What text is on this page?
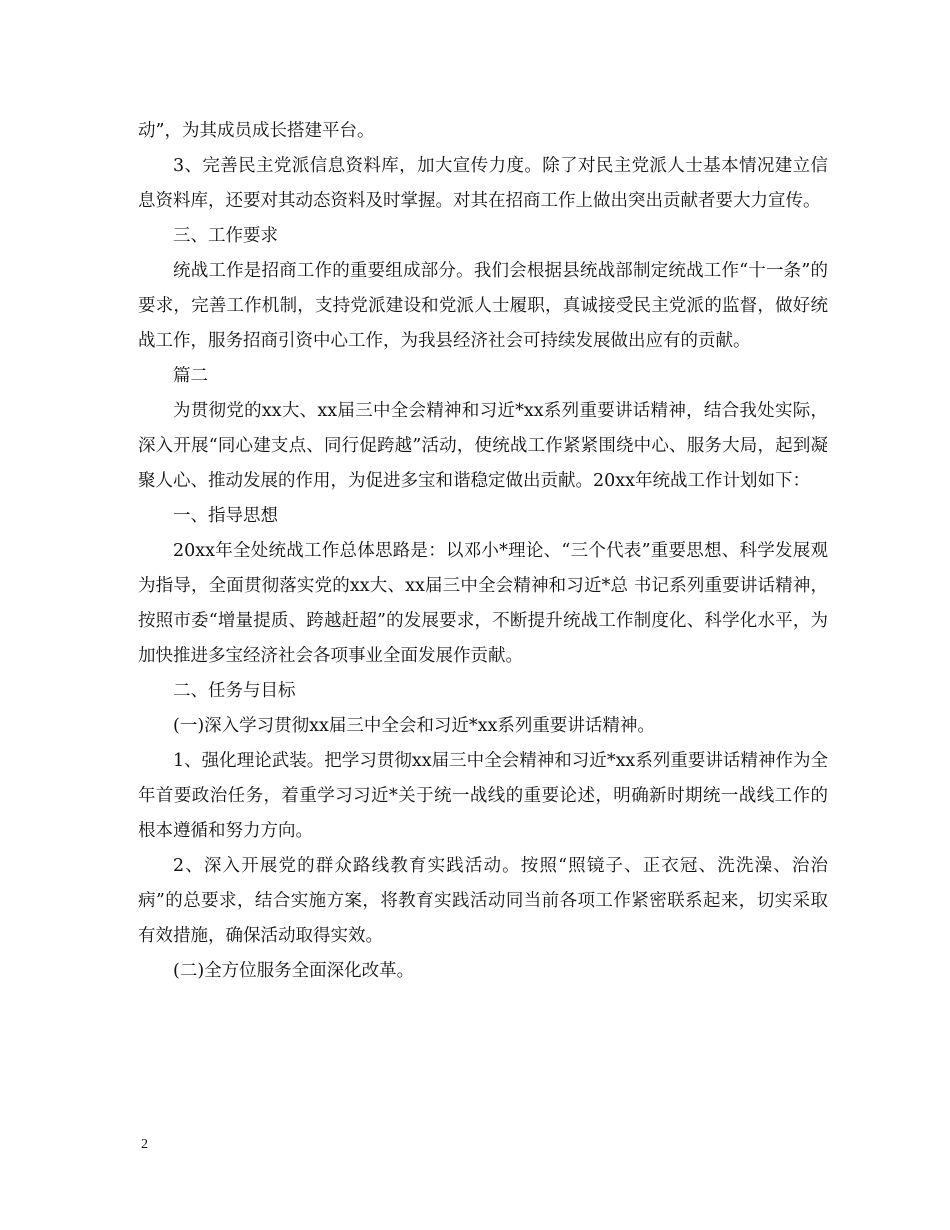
动”，为其成员成长搭建平台。

3、完善民主党派信息资料库，加大宣传力度。除了对民主党派人士基本情况建立信息资料库，还要对其动态资料及时掌握。对其在招商工作上做出突出贡献者要大力宣传。

三、工作要求

统战工作是招商工作的重要组成部分。我们会根据县统战部制定统战工作“十一条”的要求，完善工作机制，支持党派建设和党派人士履职，真诚接受民主党派的监督，做好统战工作，服务招商引资中心工作，为我县经济社会可持续发展做出应有的贡献。

篇二

为贯彻党的xx大、xx届三中全会精神和习近*xx系列重要讲话精神，结合我处实际，深入开展“同心建支点、同行促跨越”活动，使统战工作紧紧围绕中心、服务大局，起到凝聚人心、推动发展的作用，为促进多宝和谐稳定做出贡献。20xx年统战工作计划如下：

一、指导思想

20xx年全处统战工作总体思路是：以邓小*理论、“三个代表”重要思想、科学发展观为指导，全面贯彻落实党的xx大、xx届三中全会精神和习近*总 书记系列重要讲话精神，按照市委“增量提质、跨越赶超”的发展要求，不断提升统战工作制度化、科学化水平，为加快推进多宝经济社会各项事业全面发展作贡献。

二、任务与目标

(一)深入学习贯彻xx届三中全会和习近*xx系列重要讲话精神。

1、强化理论武装。把学习贯彻xx届三中全会精神和习近*xx系列重要讲话精神作为全年首要政治任务，着重学习习近*关于统一战线的重要论述，明确新时期统一战线工作的根本遵循和努力方向。

2、深入开展党的群众路线教育实践活动。按照“照镜子、正衣冠、洗洗澡、治治病”的总要求，结合实施方案，将教育实践活动同当前各项工作紧密联系起来，切实采取有效措施，确保活动取得实效。

(二)全方位服务全面深化改革。

2
